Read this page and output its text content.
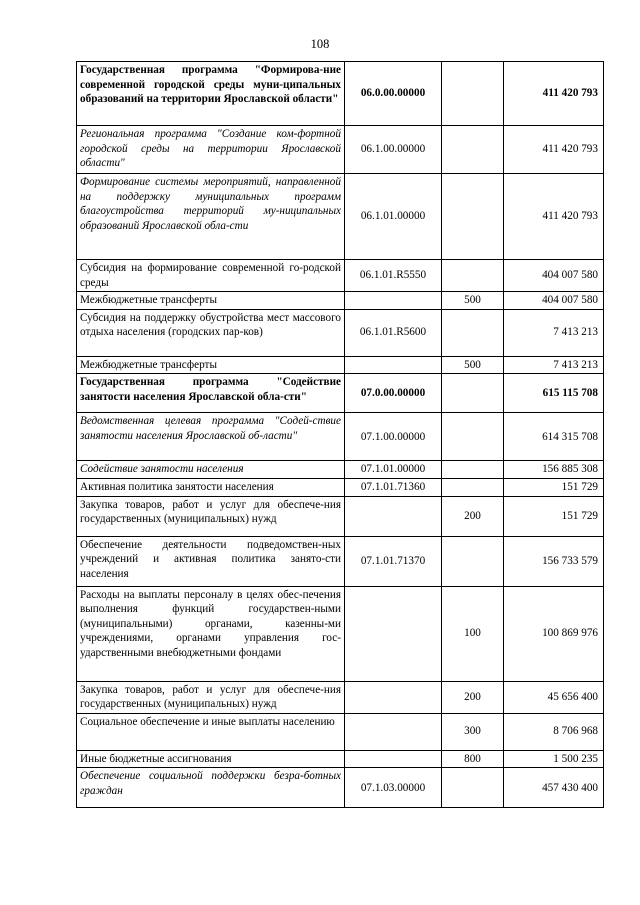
108
Государственная программа "Формирова-ние современной городской среды муни-ципальных образований на территории Ярославской области"	06.0.00.00000		411 420 793
Региональная программа "Создание ком-фортной городской среды на территории Ярославской области"	06.1.00.00000		411 420 793
Формирование системы мероприятий, направленной на поддержку муниципальных программ благоустройства территорий му-ниципальных образований Ярославской обла-сти	06.1.01.00000		411 420 793
Субсидия на формирование современной го-родской среды	06.1.01.R5550		404 007 580
Межбюджетные трансферты		500	404 007 580
Субсидия на поддержку обустройства мест массового отдыха населения (городских пар-ков)	06.1.01.R5600		7 413 213
Межбюджетные трансферты		500	7 413 213
Государственная программа "Содействие занятости населения Ярославской обла-сти"	07.0.00.00000		615 115 708
Ведомственная целевая программа "Содей-ствие занятости населения Ярославской об-ласти"	07.1.00.00000		614 315 708
Содействие занятости населения	07.1.01.00000		156 885 308
Активная политика занятости населения	07.1.01.71360		151 729
Закупка товаров, работ и услуг для обеспече-ния государственных (муниципальных) нужд		200	151 729
Обеспечение деятельности подведомствен-ных учреждений и активная политика занято-сти населения	07.1.01.71370		156 733 579
Расходы на выплаты персоналу в целях обес-печения выполнения функций государствен-ными (муниципальными) органами, казенны-ми учреждениями, органами управления гос-ударственными внебюджетными фондами		100	100 869 976
Закупка товаров, работ и услуг для обеспече-ния государственных (муниципальных) нужд		200	45 656 400
Социальное обеспечение и иные выплаты населению		300	8 706 968
Иные бюджетные ассигнования		800	1 500 235
Обеспечение социальной поддержки безра-ботных граждан	07.1.03.00000		457 430 400
